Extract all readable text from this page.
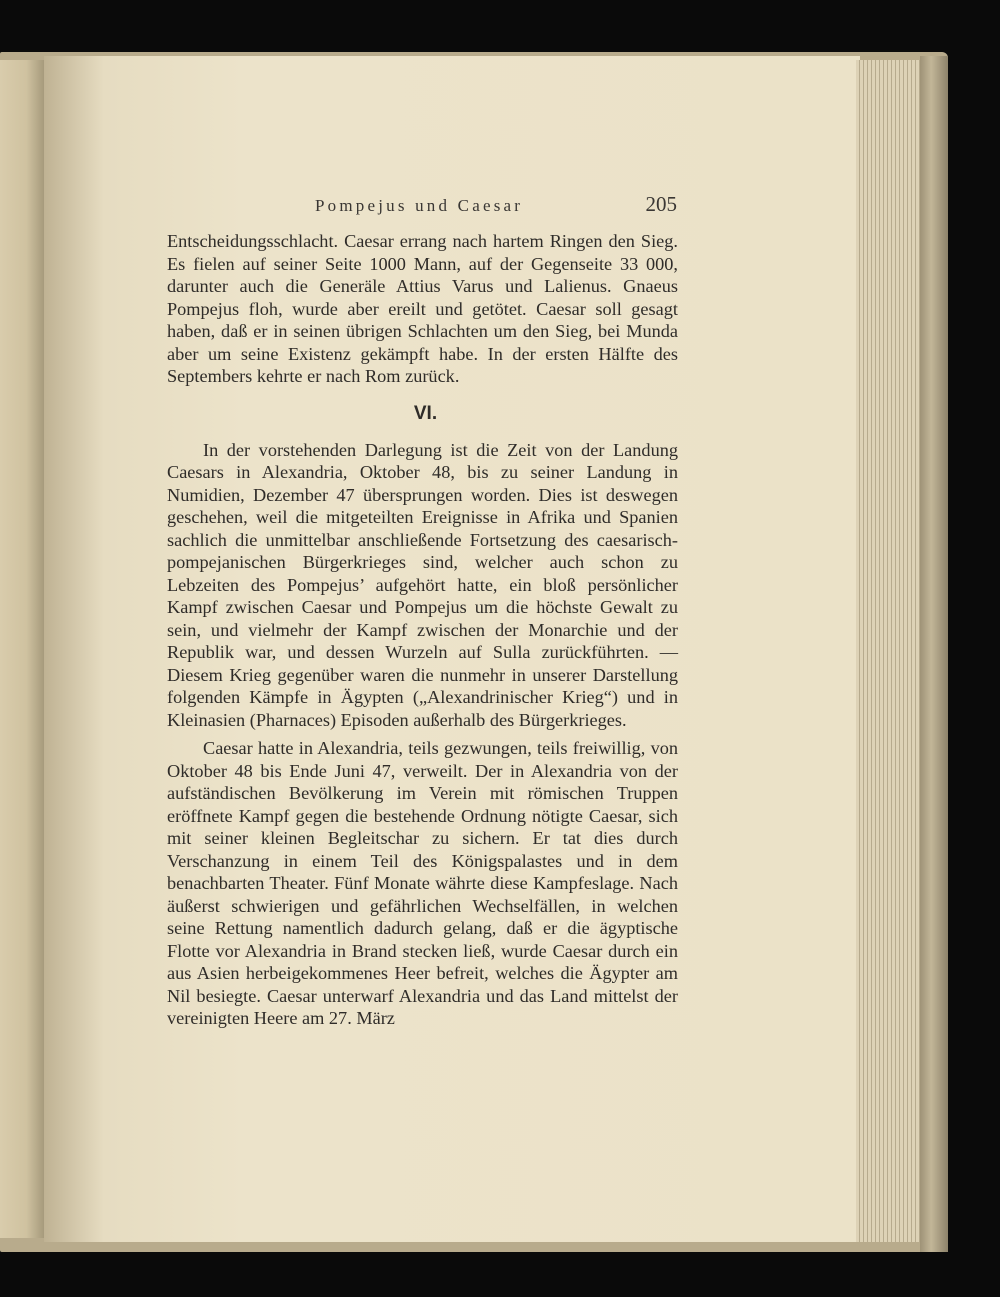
Pompejus und Caesar	205

Entscheidungsschlacht. Caesar errang nach hartem Ringen den Sieg. Es fielen auf seiner Seite 1000 Mann, auf der Gegenseite 33 000, darunter auch die Generäle Attius Varus und Lalienus. Gnaeus Pompejus floh, wurde aber ereilt und getötet. Caesar soll gesagt haben, daß er in seinen übrigen Schlachten um den Sieg, bei Munda aber um seine Existenz gekämpft habe. In der ersten Hälfte des Septembers kehrte er nach Rom zurück.

VI.

In der vorstehenden Darlegung ist die Zeit von der Landung Caesars in Alexandria, Oktober 48, bis zu seiner Landung in Numidien, Dezember 47 übersprungen worden. Dies ist deswegen geschehen, weil die mitgeteilten Ereignisse in Afrika und Spanien sachlich die unmittelbar anschließende Fortsetzung des caesarisch-pompejanischen Bürgerkrieges sind, welcher auch schon zu Lebzeiten des Pompejus’ aufgehört hatte, ein bloß persönlicher Kampf zwischen Caesar und Pompejus um die höchste Gewalt zu sein, und vielmehr der Kampf zwischen der Monarchie und der Republik war, und dessen Wurzeln auf Sulla zurückführten. — Diesem Krieg gegenüber waren die nunmehr in unserer Darstellung folgenden Kämpfe in Ägypten („Alexandrinischer Krieg“) und in Kleinasien (Pharnaces) Episoden außerhalb des Bürgerkrieges.

Caesar hatte in Alexandria, teils gezwungen, teils freiwillig, von Oktober 48 bis Ende Juni 47, verweilt. Der in Alexandria von der aufständischen Bevölkerung im Verein mit römischen Truppen eröffnete Kampf gegen die bestehende Ordnung nötigte Caesar, sich mit seiner kleinen Begleitschar zu sichern. Er tat dies durch Verschanzung in einem Teil des Königspalastes und in dem benachbarten Theater. Fünf Monate währte diese Kampfeslage. Nach äußerst schwierigen und gefährlichen Wechselfällen, in welchen seine Rettung namentlich dadurch gelang, daß er die ägyptische Flotte vor Alexandria in Brand stecken ließ, wurde Caesar durch ein aus Asien herbeigekommenes Heer befreit, welches die Ägypter am Nil besiegte. Caesar unterwarf Alexandria und das Land mittelst der vereinigten Heere am 27. März
